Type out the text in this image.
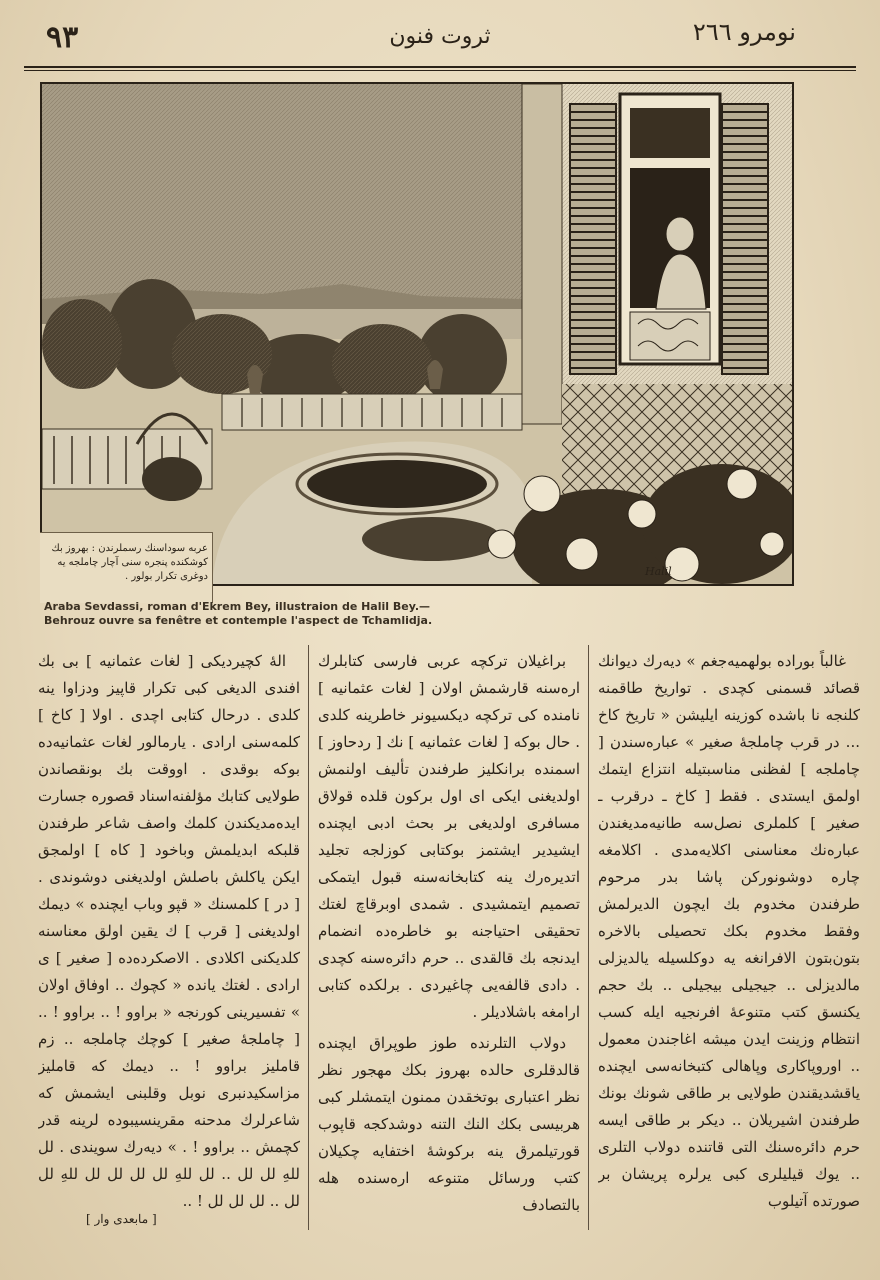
۹۳	ثروت فنون	نومرو ۲٦٦
عربه سوداسنك رسملرندن : بهروز بك كوشكنده پنجره سنی آچار چاملجه یه دوغری تكرار بولور .
Araba Sevdassi, roman d'Ekrem Bey, illustraion de Halil Bey.— Behrouz ouvre sa fenêtre et contemple l'aspect de Tchamlidja.
Halil

غالباً بوراده بولهمیه‌جغم » دیه‌رك دیوانك قصائد قسمنی كچدی . تواریخ طاقمنه كلنجه نا باشده كوزینه ایلیشن « تاریخ كاخ ... در قرب چاملجهٔ صغیر » عباره‌سندن [ چاملجه ] لفظنی مناسبتیله انتزاع ایتمك اولمق ایستدی . فقط [ كاخ ـ درقرب ـ صغیر ] كلملری نصل‌سه طانیه‌مدیغندن عباره‌نك معناسنی اكلایه‌مدی . اكلامغه چاره دوشونوركن پاشا بدر مرحوم طرفندن مخدوم بك ایچون الدیرلمش وفقط مخدوم بكك تحصیلی بالاخره بتون‌بتون الافرانغه یه دوكلسیله یالدیزلی مالدیزلی .. جیجیلی بیجیلی .. بك حجم یكنسق كتب متنوعهٔ افرنجیه ایله كسب انتظام وزینت ایدن میشه اغاجندن معمول .. اوروپاكاری وپاهالی كتبخانه‌سی ایچنده یاقشدیقندن طولایی بر طاقی شونك بونك طرفندن اشیریلان .. دیكر بر طاقی ایسه حرم دائره‌سنك التی قاتنده دولاب التلری .. یوك قیلیلری كبی یرلره پریشان بر صورتده آتیلوب

براغیلان تركچه عربی فارسی كتابلرك اره‌سنه قارشمش اولان [ لغات عثمانیه ] نامنده كی تركچه دیكسیونر خاطرینه كلدی . حال بوكه [ لغات عثمانیه ] نك [ ردحاوز ] اسمنده برانكلیز طرفندن تألیف اولنمش اولدیغنی ایكی ای اول بركون قلده قولاق مسافری اولدیغی بر بحث ادبی ایچنده ایشیدیر ایشتمز بوكتابی كوزلجه تجلید اتدیره‌رك ینه كتابخانه‌سنه قبول ایتمكی تصمیم ایتمشیدی . شمدی اوبرقاچ لغتك تحقیقی احتیاجنه بو خاطره‌ده انضمام ایدنجه بك قالقدی .. حرم دائره‌سنه كچدی . دادی قالفه‌یی چاغیردی . برلكده كتابی ارامغه باشلادیلر .

دولاب التلرنده طوز طوپراق ایچنده قالدقلری حالده بهروز بكك مهجور نظر نظر اعتباری بوتخقدن ممنون ایتمشلر كبی هربیسی بكك النك التنه دوشدكجه قاپوب قورتیلمرق ینه بركوشهٔ اختفایه چكیلان كتب ورسائل متنوعه اره‌سنده هله بالتصادف

الهٔ كچیردیكی [ لغات عثمانیه ] بی بك افندی الدیغی كبی تكرار قاپیز ودزاوا ینه كلدی . درحال كتابی اچدی . اولا [ كاخ ] كلمه‌سنی ارادی . یارمالور لغات عثمانیه‌ده بوكه بوقدی . اووقت بك بونقصاندن طولایی كتابك مؤلفنه‌اسناد قصوره جسارت ایده‌مدیكندن كلمك واصف شاعر طرفندن قلبكه ابدیلمش وباخود [ كاه ] اولمجق ایكن یاكلش باصلش اولدیغنی دوشوندی . [ در ] كلمسنك « قپو وباب ایچنده » دیمك اولدیغنی [ قرب ] ك یقین اولق معناسنه كلدیكنی اكلادی . الاصكرده‌ده [ صغیر ] ی ارادی . لغتك یانده « كچوك .. اوفاق اولان » تفسیرینی كورنجه « براوو ! .. براوو ! .. [ چاملجهٔ صغیر ] كوچك چاملجه .. زم قاملیز براوو ! .. دیمك كه قاملیز مزاسكیدنبری نوبل وقلبنی ایشمش كه شاعرلرك مدحنه‌ مقرینسیبوده لرینه قدر كچمش .. براوو ! . » دیه‌رك سویندی . لل للهِ لل لل .. لل للهِ لل لل لل لل للهِ لل لل .. لل لل لل ! ..

[ مابعدی وار ]
